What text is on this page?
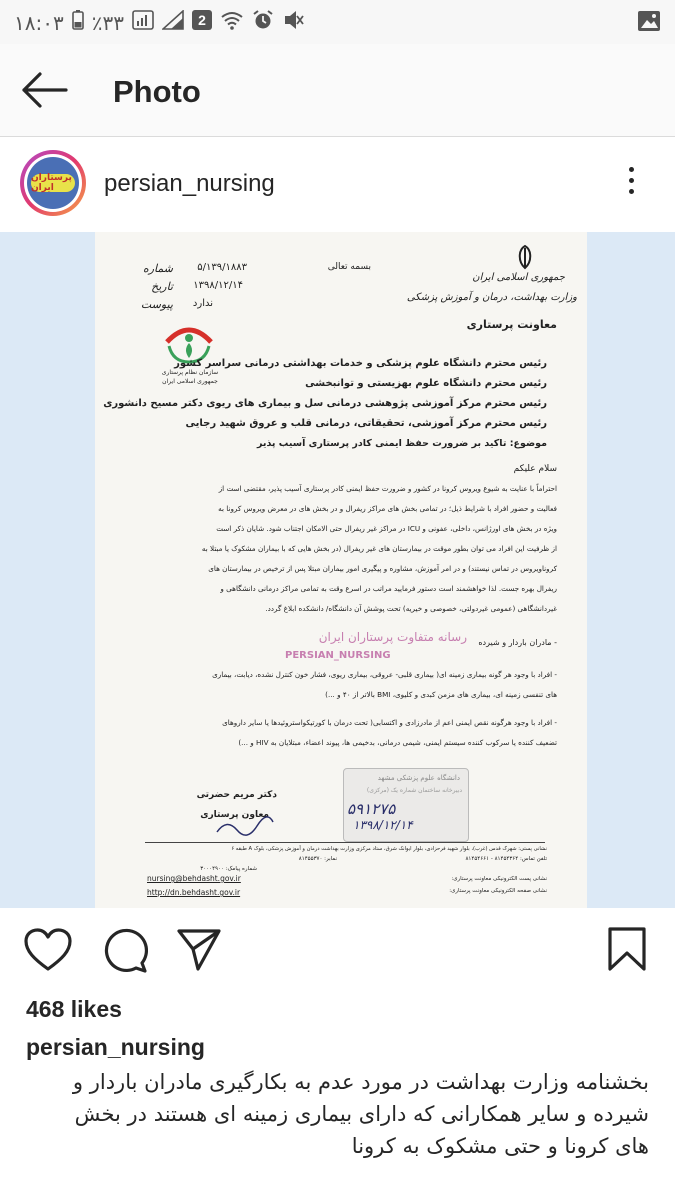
۱۸:۰۳ ٪۳۳	2
Photo
پرستاران ایران	persian_nursing
بسمه تعالی
جمهوری اسلامی ایران
وزارت بهداشت، درمان و آموزش پزشکی
معاونت پرستاری
شماره ۵/۱۳۹/۱۸۸۳
تاریخ ۱۳۹۸/۱۲/۱۴
پیوست ندارد
سازمان نظام پرستاری جمهوری اسلامی ایران
رئیس محترم دانشگاه علوم پزشکی و خدمات بهداشتی درمانی سراسر کشور
رئیس محترم دانشگاه علوم بهزیستی و توانبخشی
رئیس محترم مرکز آموزشی پژوهشی درمانی سل و بیماری های ریوی دکتر مسیح دانشوری
رئیس محترم مرکز آموزشی، تحقیقاتی، درمانی قلب و عروق شهید رجایی
موضوع: تاکید بر ضرورت حفظ ایمنی کادر پرستاری آسیب پذیر
سلام علیکم
احتراماً با عنایت به شیوع ویروس کرونا در کشور و ضرورت حفظ ایمنی کادر پرستاری آسیب پذیر، مقتضی است از
فعالیت و حضور افراد با شرایط ذیل؛ در تمامی بخش های مراکز ریفرال و در بخش های در معرض ویروس کرونا به
ویژه در بخش های اورژانس، داخلی، عفونی و ICU در مراکز غیر ریفرال حتی الامکان اجتناب شود. شایان ذکر است
از ظرفیت این افراد می توان بطور موقت در بیمارستان های غیر ریفرال (در بخش هایی که با بیماران مشکوک یا مبتلا به
کروناویروس در تماس نیستند) و در امر آموزش، مشاوره و پیگیری امور بیماران مبتلا پس از ترخیص در بیمارستان های
ریفرال بهره جست. لذا خواهشمند است دستور فرمایید مراتب در اسرع وقت به تمامی مراکز درمانی دانشگاهی و
غیردانشگاهی (عمومی غیردولتی، خصوصی و خیریه) تحت پوشش آن دانشگاه/ دانشکده ابلاغ گردد.
رسانه متفاوت پرستاران ایران - مادران باردار و شیرده
PERSIAN_NURSING
- افراد با وجود هر گونه بیماری زمینه ای( بیماری قلبی- عروقی، بیماری ریوی، فشار خون کنترل نشده، دیابت، بیماری
های تنفسی زمینه ای، بیماری های مزمن کبدی و کلیوی، BMI بالاتر از ۴۰ و ...)
- افراد با وجود هرگونه نقص ایمنی اعم از مادرزادی و اکتسابی( تحت درمان با کورتیکواستروئیدها یا سایر داروهای
تضعیف کننده یا سرکوب کننده سیستم ایمنی، شیمی درمانی، بدخیمی ها، پیوند اعضاء، مبتلایان به HIV و ...)
دانشگاه علوم پزشکی مشهد
دبیرخانه ساختمان شماره یک (مرکزی)
۵۹۱۲۷۵
۱۳۹۸/۱۲/۱۴
دکتر مریم حضرتی
معاون پرستاری
نشانی پستی: شهرک قدس (غرب)، بلوار شهید فرحزادی، بلوار ایوانک شرق، ستاد مرکزی وزارت بهداشت درمان و آموزش پزشکی، بلوک A طبقه ۶
تلفن تماس: ۸۱۴۵۴۳۶۴ - ۸۱۴۵۴۶۶۱
نمابر: ۸۱۴۵۵۳۷۰
شماره پیامک: ۳۰۰۰۴۹۰۰
نشانی پست الکترونیکی معاونت پرستاری:
nursing@behdasht.gov.ir
نشانی صفحه الکترونیکی معاونت پرستاری:
http://dn.behdasht.gov.ir
468 likes
persian_nursing
بخشنامه وزارت بهداشت در مورد عدم به بکارگیری مادران باردار و
شیرده و سایر همکارانی که دارای بیماری زمینه ای هستند در بخش
های کرونا و حتی مشکوک به کرونا
